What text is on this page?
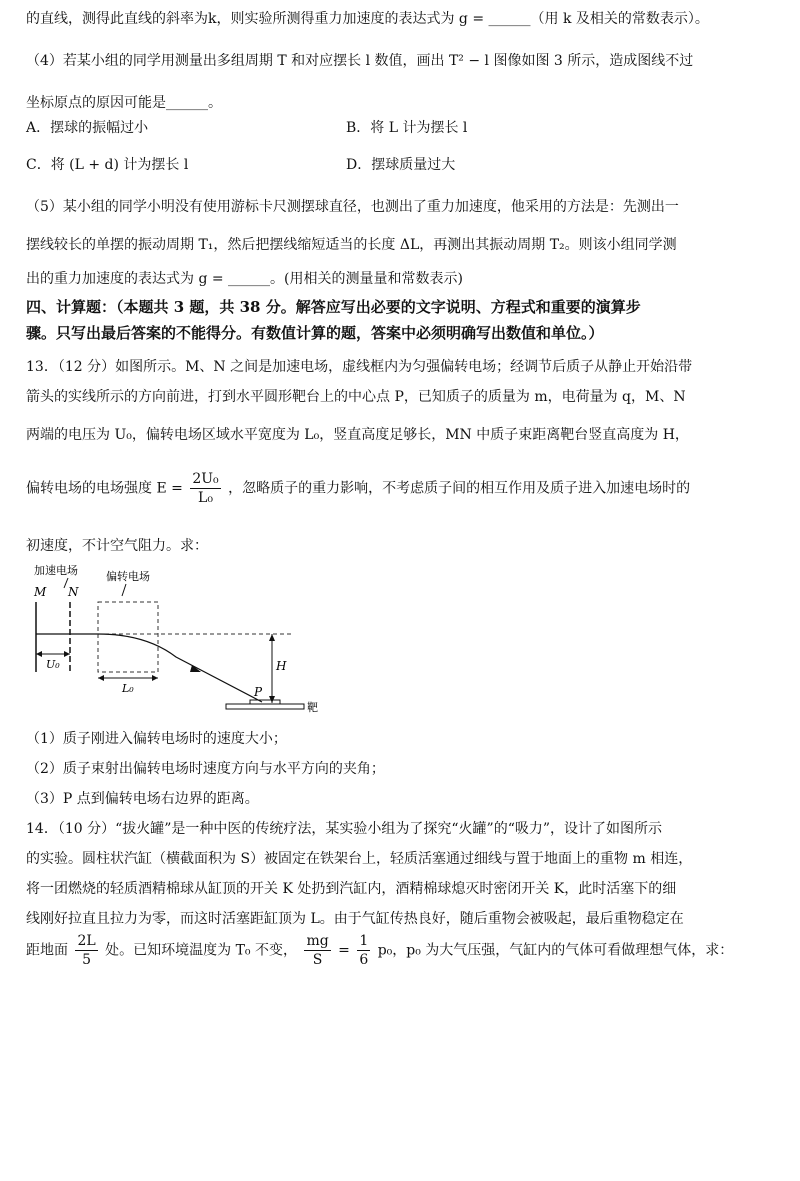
的直线，测得此直线的斜率为k，则实验所测得重力加速度的表达式为 g = ______（用 k 及相关的常数表示）。
（4）若某小组的同学用测量出多组周期 T 和对应摆长 l 数值，画出 T² − l 图像如图 3 所示，造成图线不过
坐标原点的原因可能是______。
A．摆球的振幅过小	B．将 L 计为摆长 l
C．将 (L + d) 计为摆长 l	D．摆球质量过大
（5）某小组的同学小明没有使用游标卡尺测摆球直径，也测出了重力加速度，他采用的方法是：先测出一
摆线较长的单摆的振动周期 T₁，然后把摆线缩短适当的长度 ΔL，再测出其振动周期 T₂。则该小组同学测
出的重力加速度的表达式为 g = ______。(用相关的测量量和常数表示)
四、计算题：（本题共 3 题，共 38 分。解答应写出必要的文字说明、方程式和重要的演算步
骤。只写出最后答案的不能得分。有数值计算的题，答案中必须明确写出数值和单位。）
13．（12 分）如图所示。M、N 之间是加速电场，虚线框内为匀强偏转电场；经调节后质子从静止开始沿带
箭头的实线所示的方向前进，打到水平圆形靶台上的中心点 P，已知质子的质量为 m，电荷量为 q，M、N
两端的电压为 U₀，偏转电场区域水平宽度为 L₀，竖直高度足够长，MN 中质子束距离靶台竖直高度为 H，
偏转电场的电场强度 $E = \frac{\text{2U₀}}{\text{L₀}}$ ，忽略质子的重力影响，不考虑质子间的相互作用及质子进入加速电场时的
初速度，不计空气阻力。求：
加速电场	偏转电场
M N
H
P
靶
U₀
L₀
（1）质子刚进入偏转电场时的速度大小；
（2）质子束射出偏转电场时速度方向与水平方向的夹角；
（3）P 点到偏转电场右边界的距离。
14．（10 分）“拔火罐”是一种中医的传统疗法，某实验小组为了探究“火罐”的“吸力”，设计了如图所示
的实验。圆柱状汽缸（横截面积为 S）被固定在铁架台上，轻质活塞通过细线与置于地面上的重物 m 相连，
将一团燃烧的轻质酒精棉球从缸顶的开关 K 处扔到汽缸内，酒精棉球熄灭时密闭开关 K，此时活塞下的细
线刚好拉直且拉力为零，而这时活塞距缸顶为 L。由于气缸传热良好，随后重物会被吸起，最后重物稳定在
距地面 $\frac{2L}{5}$ 处。已知环境温度为 T₀ 不变， $\frac{mg}{S} = \frac{1}{6} p_0$，p₀ 为大气压强，气缸内的气体可看做理想气体，求：
